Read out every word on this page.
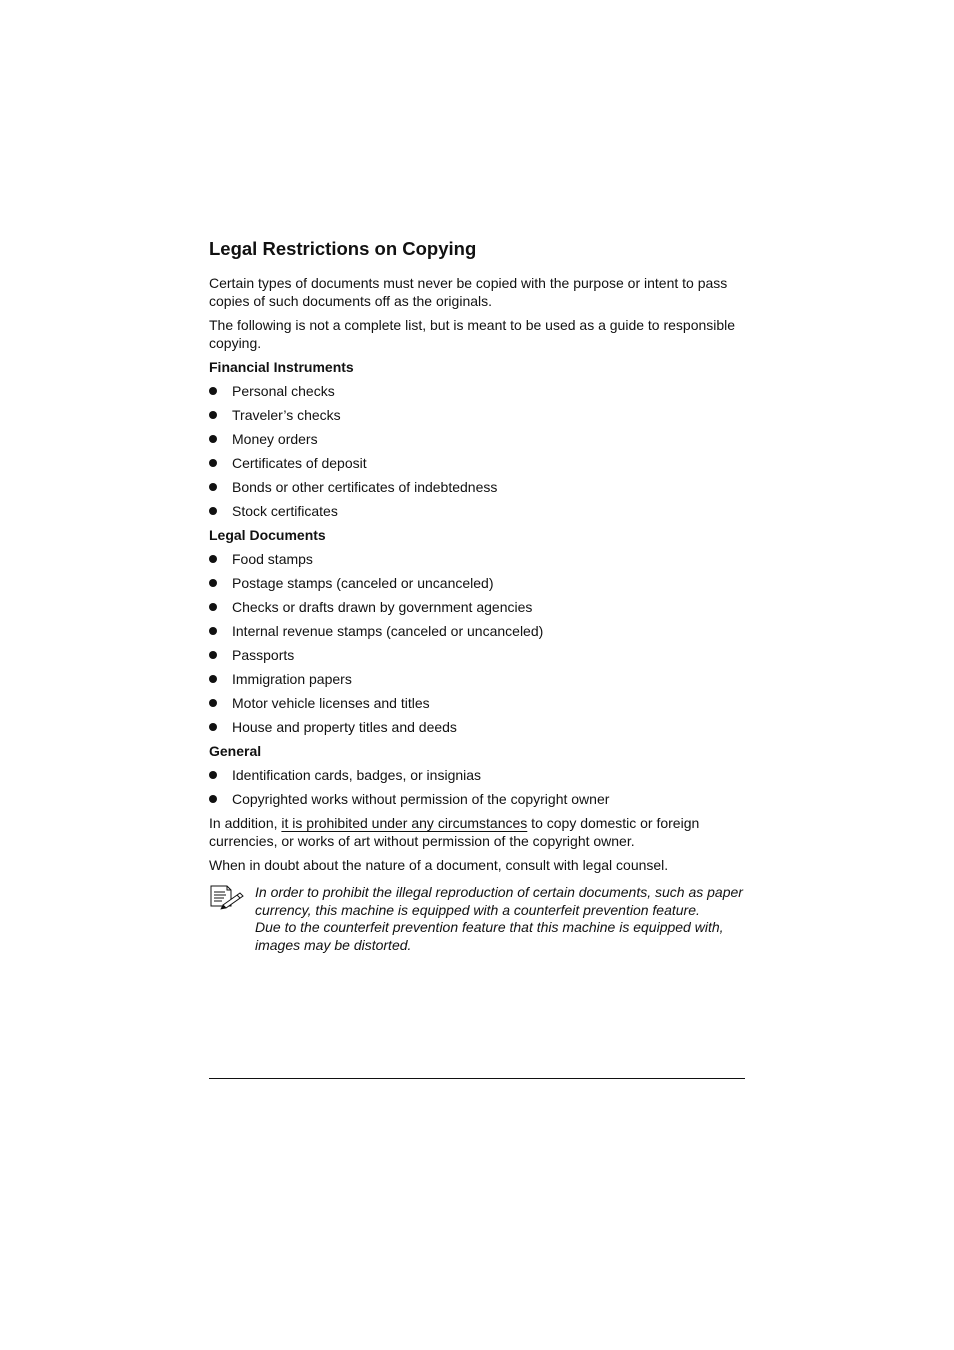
Legal Restrictions on Copying

Certain types of documents must never be copied with the purpose or intent to pass copies of such documents off as the originals.

The following is not a complete list, but is meant to be used as a guide to responsible copying.

Financial Instruments
Personal checks
Traveler’s checks
Money orders
Certificates of deposit
Bonds or other certificates of indebtedness
Stock certificates
Legal Documents
Food stamps
Postage stamps (canceled or uncanceled)
Checks or drafts drawn by government agencies
Internal revenue stamps (canceled or uncanceled)
Passports
Immigration papers
Motor vehicle licenses and titles
House and property titles and deeds
General
Identification cards, badges, or insignias
Copyrighted works without permission of the copyright owner

In addition, it is prohibited under any circumstances to copy domestic or foreign currencies, or works of art without permission of the copyright owner.

When in doubt about the nature of a document, consult with legal counsel.

In order to prohibit the illegal reproduction of certain documents, such as paper currency, this machine is equipped with a counterfeit prevention feature.

Due to the counterfeit prevention feature that this machine is equipped with, images may be distorted.
